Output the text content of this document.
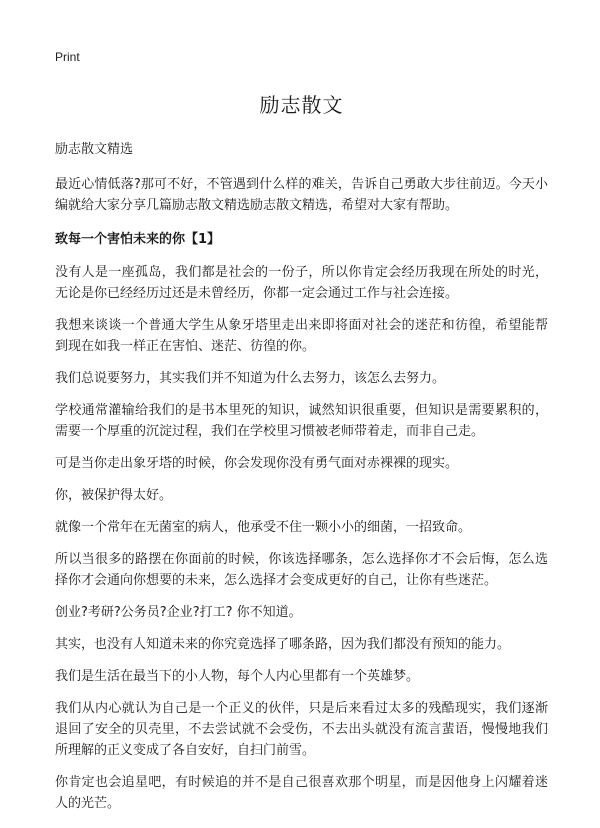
Print
励志散文

励志散文精选

最近心情低落?那可不好，不管遇到什么样的难关，告诉自己勇敢大步往前迈。今天小编就给大家分享几篇励志散文精选励志散文精选，希望对大家有帮助。

致每一个害怕未来的你【1】

没有人是一座孤岛，我们都是社会的一份子，所以你肯定会经历我现在所处的时光，无论是你已经经历过还是未曾经历，你都一定会通过工作与社会连接。

我想来谈谈一个普通大学生从象牙塔里走出来即将面对社会的迷茫和彷徨，希望能帮到现在如我一样正在害怕、迷茫、彷徨的你。

我们总说要努力，其实我们并不知道为什么去努力，该怎么去努力。

学校通常灌输给我们的是书本里死的知识，诚然知识很重要，但知识是需要累积的，需要一个厚重的沉淀过程，我们在学校里习惯被老师带着走，而非自己走。

可是当你走出象牙塔的时候，你会发现你没有勇气面对赤裸裸的现实。

你，被保护得太好。

就像一个常年在无菌室的病人，他承受不住一颗小小的细菌，一招致命。

所以当很多的路摆在你面前的时候，你该选择哪条，怎么选择你才不会后悔，怎么选择你才会通向你想要的未来，怎么选择才会变成更好的自己，让你有些迷茫。

创业?考研?公务员?企业?打工? 你不知道。

其实，也没有人知道未来的你究竟选择了哪条路，因为我们都没有预知的能力。

我们是生活在最当下的小人物，每个人内心里都有一个英雄梦。

我们从内心就认为自己是一个正义的伙伴，只是后来看过太多的残酷现实，我们逐渐退回了安全的贝壳里，不去尝试就不会受伤，不去出头就没有流言蜚语，慢慢地我们所理解的正义变成了各自安好，自扫门前雪。

你肯定也会追星吧，有时候追的并不是自己很喜欢那个明星，而是因他身上闪耀着迷人的光芒。
